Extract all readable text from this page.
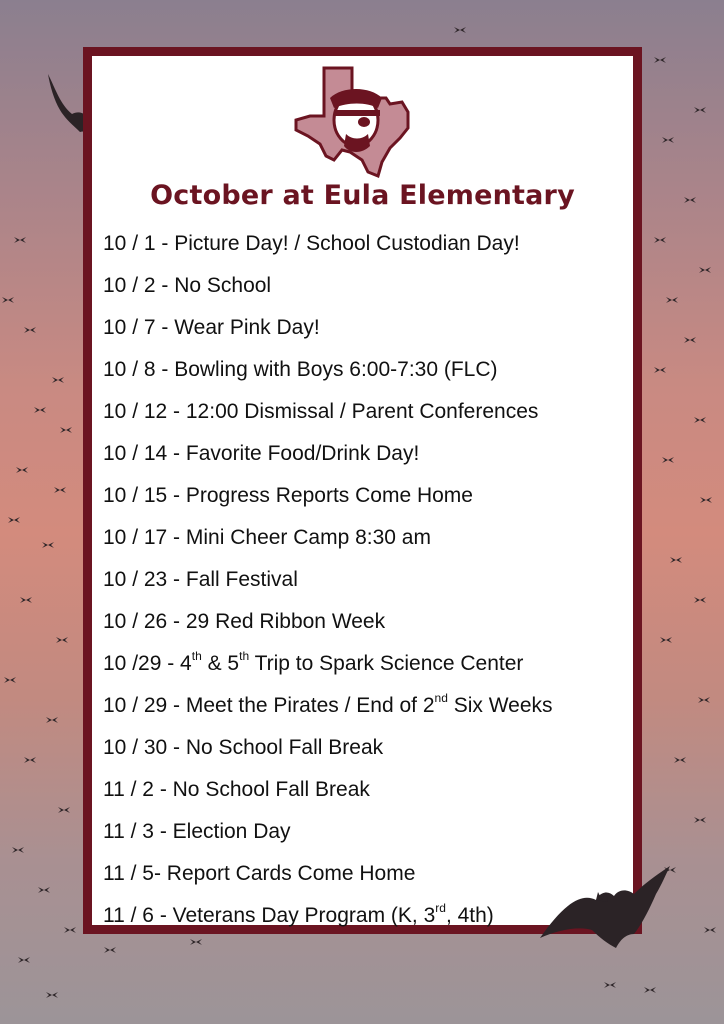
October at Eula Elementary
10 / 1 - Picture Day! / School Custodian Day!
10 / 2 - No School
10 / 7 - Wear Pink Day!
10 / 8 - Bowling with Boys 6:00-7:30 (FLC)
10 / 12 - 12:00 Dismissal / Parent Conferences
10 / 14 - Favorite Food/Drink Day!
10 / 15 - Progress Reports Come Home
10 / 17 - Mini Cheer Camp 8:30 am
10 / 23 - Fall Festival
10 / 26 - 29 Red Ribbon Week
10 /29 - 4th & 5th Trip to Spark Science Center
10 / 29 - Meet the Pirates / End of 2nd Six Weeks
10 / 30 - No School Fall Break
11 / 2 - No School Fall Break
11 / 3 - Election Day
11 / 5- Report Cards Come Home
11 / 6 - Veterans Day Program (K, 3rd, 4th)
